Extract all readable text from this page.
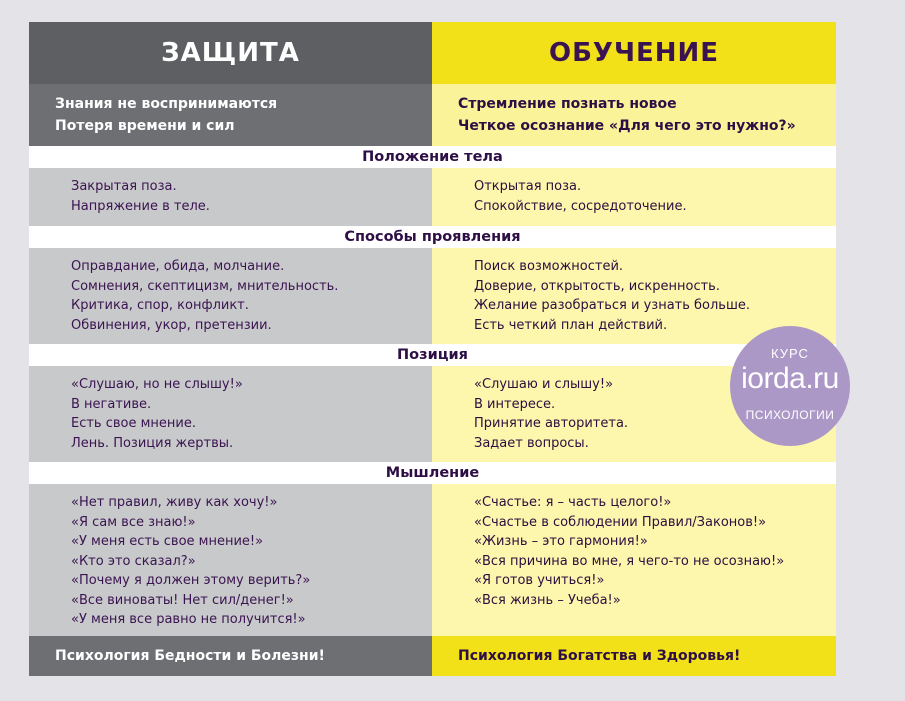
ЗАЩИТА	ОБУЧЕНИЕ
Знания не воспринимаются
Потеря времени и сил
Стремление познать новое
Четкое осознание «Для чего это нужно?»
Положение тела
Закрытая поза.
Напряжение в теле.
Открытая поза.
Спокойствие, сосредоточение.
Способы проявления
Оправдание, обида, молчание.
Сомнения, скептицизм, мнительность.
Критика, спор, конфликт.
Обвинения, укор, претензии.
Поиск возможностей.
Доверие, открытость, искренность.
Желание разобраться и узнать больше.
Есть четкий план действий.
Позиция
«Слушаю, но не слышу!»
В негативе.
Есть свое мнение.
Лень. Позиция жертвы.
«Слушаю и слышу!»
В интересе.
Принятие авторитета.
Задает вопросы.
Мышление
«Нет правил, живу как хочу!»
«Я сам все знаю!»
«У меня есть свое мнение!»
«Кто это сказал?»
«Почему я должен этому верить?»
«Все виноваты! Нет сил/денег!»
«У меня все равно не получится!»
«Счастье: я – часть целого!»
«Счастье в соблюдении Правил/Законов!»
«Жизнь – это гармония!»
«Вся причина во мне, я чего-то не осознаю!»
«Я готов учиться!»
«Вся жизнь – Учеба!»
Психология Бедности и Болезни!	Психология Богатства и Здоровья!
КУРС
iorda.ru
ПСИХОЛОГИИ
